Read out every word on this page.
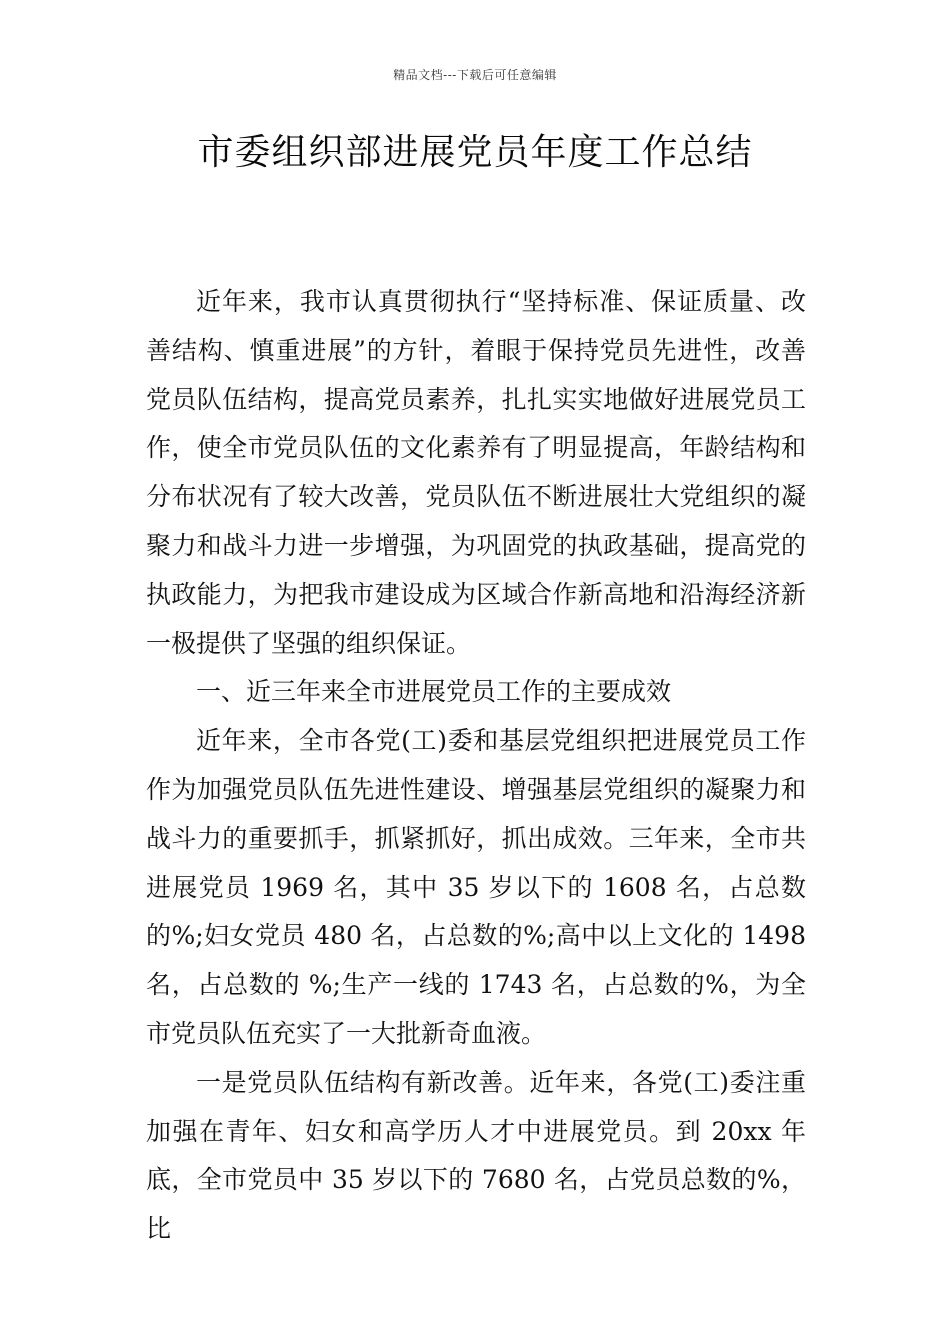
精品文档---下载后可任意编辑
市委组织部进展党员年度工作总结

近年来，我市认真贯彻执行“坚持标准、保证质量、改善结构、慎重进展”的方针，着眼于保持党员先进性，改善党员队伍结构，提高党员素养，扎扎实实地做好进展党员工作，使全市党员队伍的文化素养有了明显提高，年龄结构和分布状况有了较大改善，党员队伍不断进展壮大党组织的凝聚力和战斗力进一步增强，为巩固党的执政基础，提高党的执政能力，为把我市建设成为区域合作新高地和沿海经济新一极提供了坚强的组织保证。

一、近三年来全市进展党员工作的主要成效

近年来，全市各党(工)委和基层党组织把进展党员工作作为加强党员队伍先进性建设、增强基层党组织的凝聚力和战斗力的重要抓手，抓紧抓好，抓出成效。三年来，全市共进展党员 1969 名，其中 35 岁以下的 1608 名，占总数的%;妇女党员 480 名，占总数的%;高中以上文化的 1498 名，占总数的 %;生产一线的 1743 名，占总数的%，为全市党员队伍充实了一大批新奇血液。

一是党员队伍结构有新改善。近年来，各党(工)委注重加强在青年、妇女和高学历人才中进展党员。到 20xx 年底，全市党员中 35 岁以下的 7680 名，占党员总数的%，比
